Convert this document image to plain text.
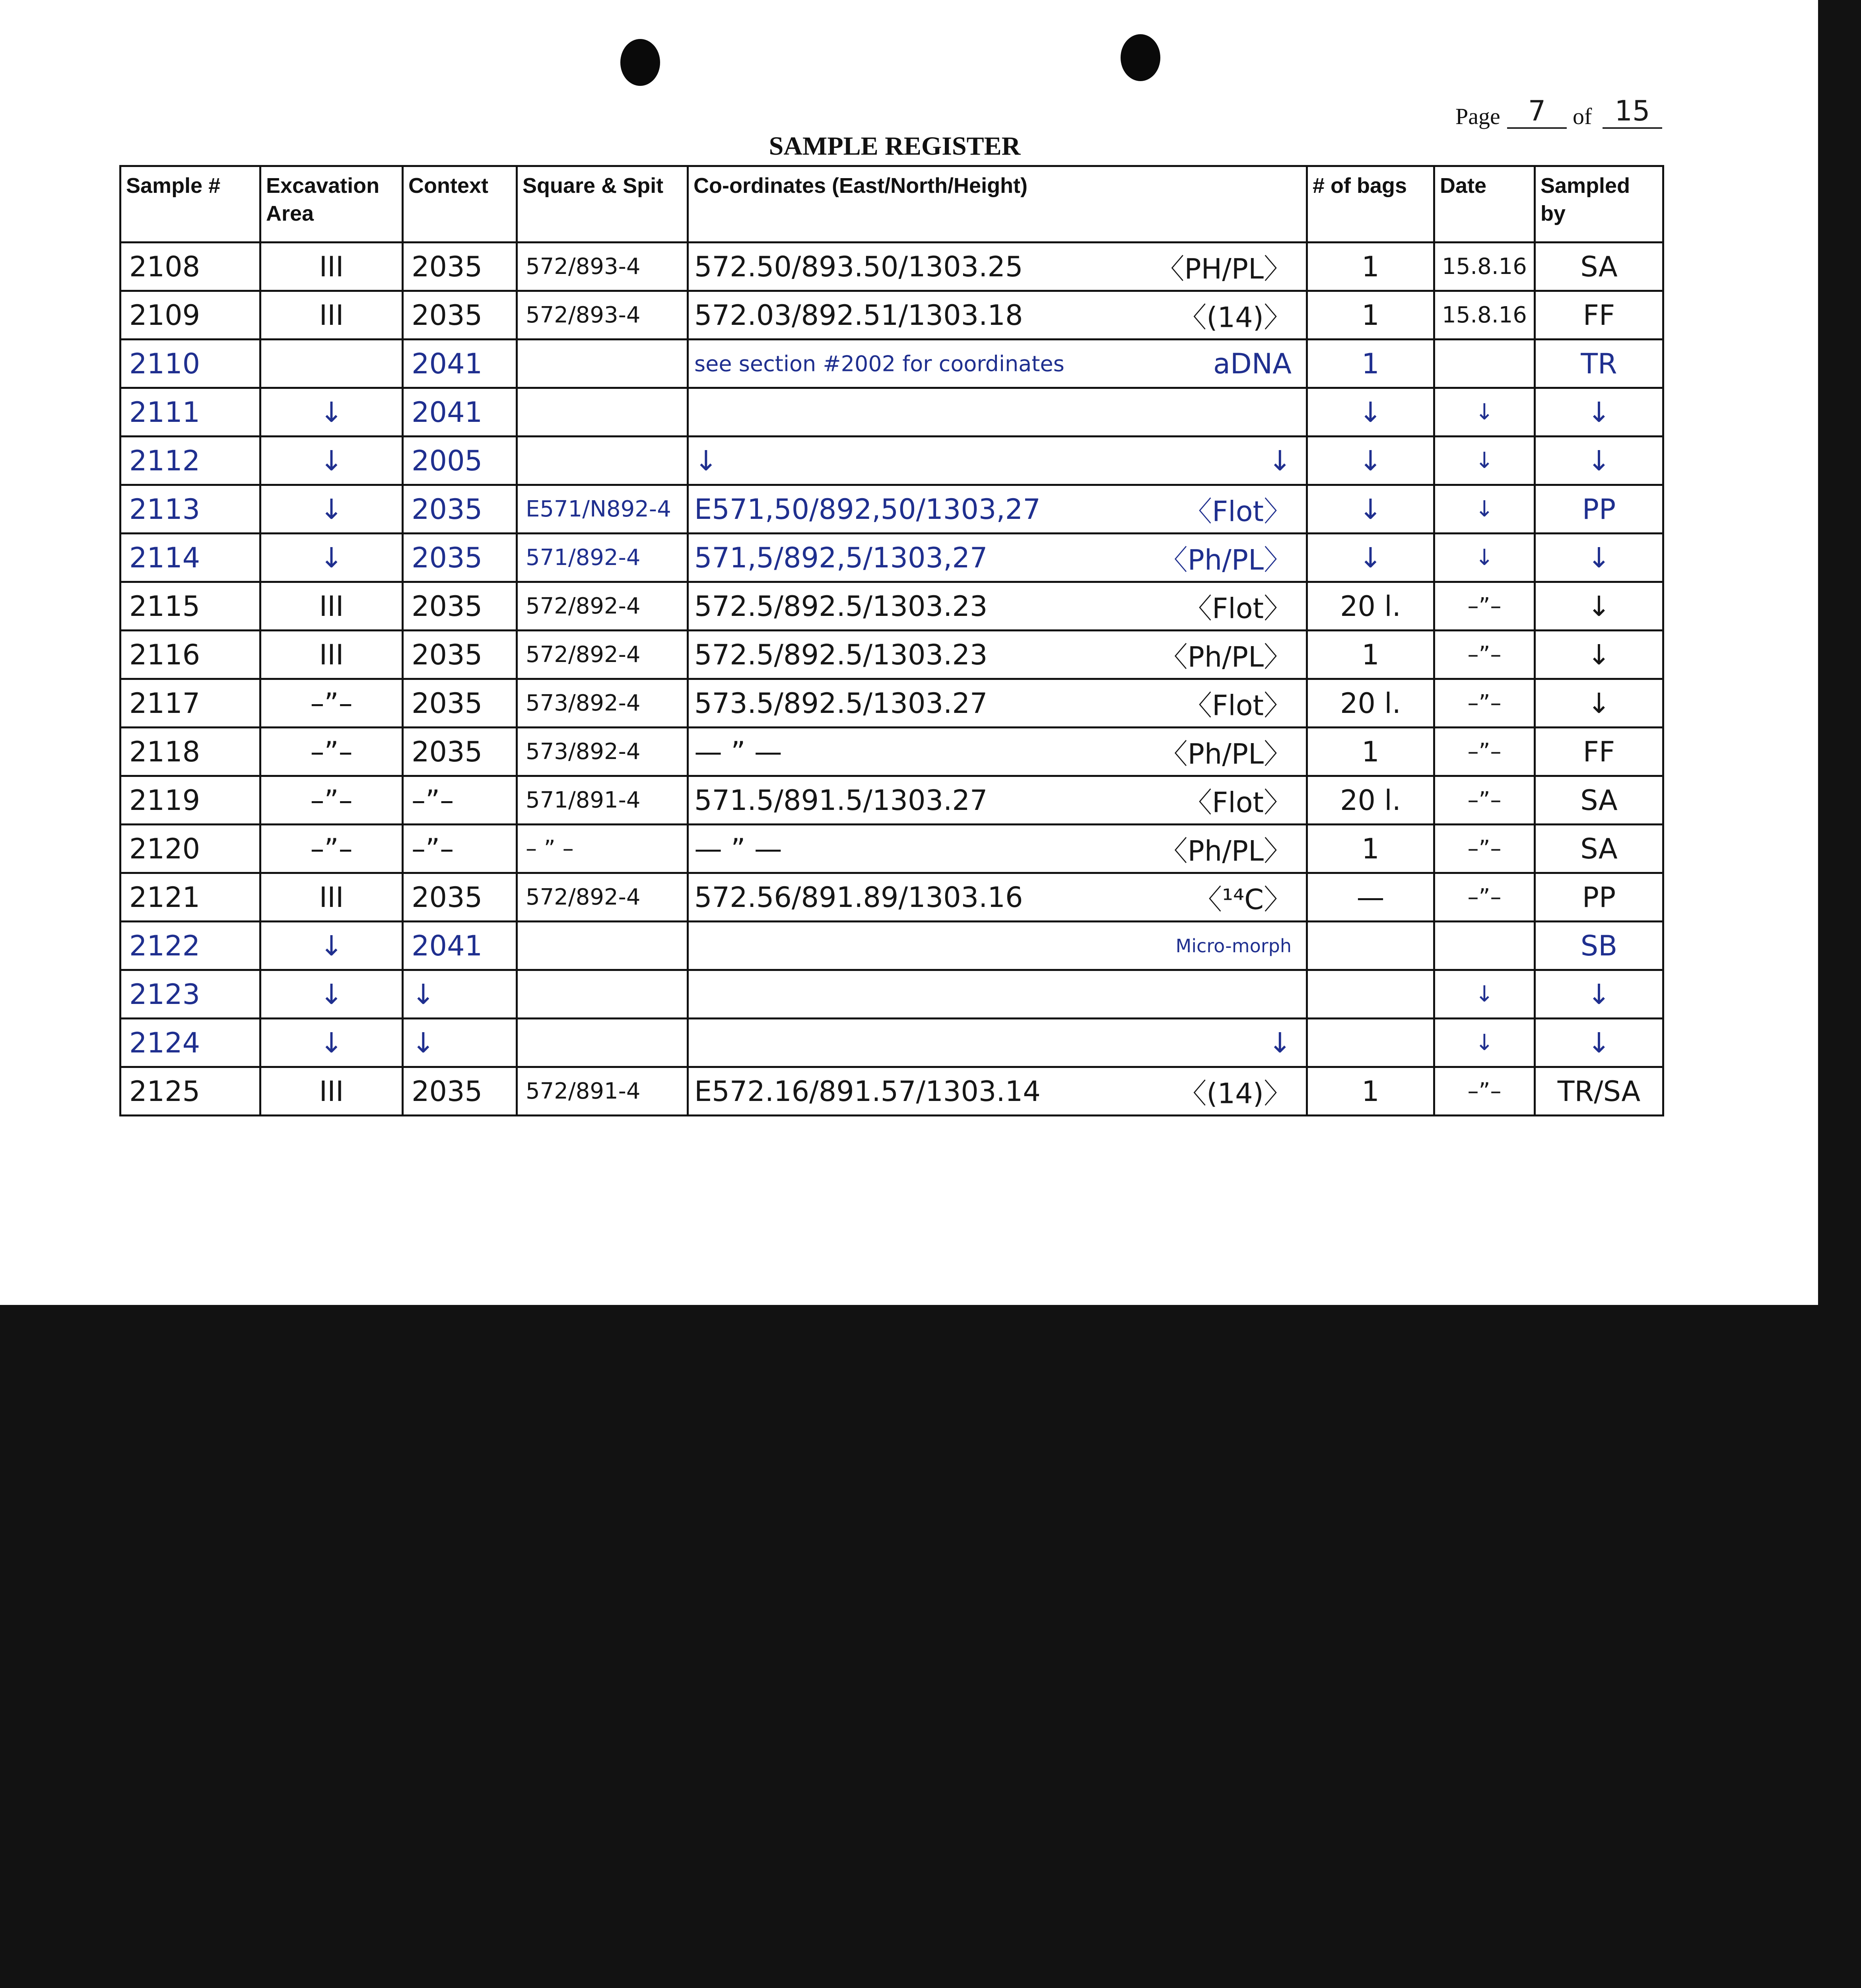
Page 7	of 15
SAMPLE REGISTER
Sample #	Excavation Area	Context	Square & Spit	Co-ordinates (East/North/Height)	# of bags	Date	Sampled by
2108	III	2035	572/893-4	572.50/893.50/1303.25 〈PH/PL〉	1	15.8.16	SA
2109	III	2035	572/893-4	572.03/892.51/1303.18 〈(14)〉	1	15.8.16	FF
2110		2041		see section #2002 for coordinates aDNA	1		TR
2111	↓	2041			↓	↓	↓
2112	↓	2005		↓ ↓	↓	↓	↓
2113	↓	2035	E571/N892-4	E571,50/892,50/1303,27 〈Flot〉	↓	↓	PP
2114	↓	2035	571/892-4	571,5/892,5/1303,27 〈Ph/PL〉	↓	↓	↓
2115	III	2035	572/892-4	572.5/892.5/1303.23 〈Flot〉	20 l.	–”–	↓
2116	III	2035	572/892-4	572.5/892.5/1303.23 〈Ph/PL〉	1	–”–	↓
2117	–”–	2035	573/892-4	573.5/892.5/1303.27 〈Flot〉	20 l.	–”–	↓
2118	–”–	2035	573/892-4	— ” — 〈Ph/PL〉	1	–”–	FF
2119	–”–	–”–	571/891-4	571.5/891.5/1303.27 〈Flot〉	20 l.	–”–	SA
2120	–”–	–”–	– ” –	— ” — 〈Ph/PL〉	1	–”–	SA
2121	III	2035	572/892-4	572.56/891.89/1303.16 〈¹⁴C〉	—	–”–	PP
2122	↓	2041		Micro-morph			SB
2123	↓	↓				↓	↓
2124	↓	↓		↓		↓	↓
2125	III	2035	572/891-4	E572.16/891.57/1303.14 〈(14)〉	1	–”–	TR/SA
